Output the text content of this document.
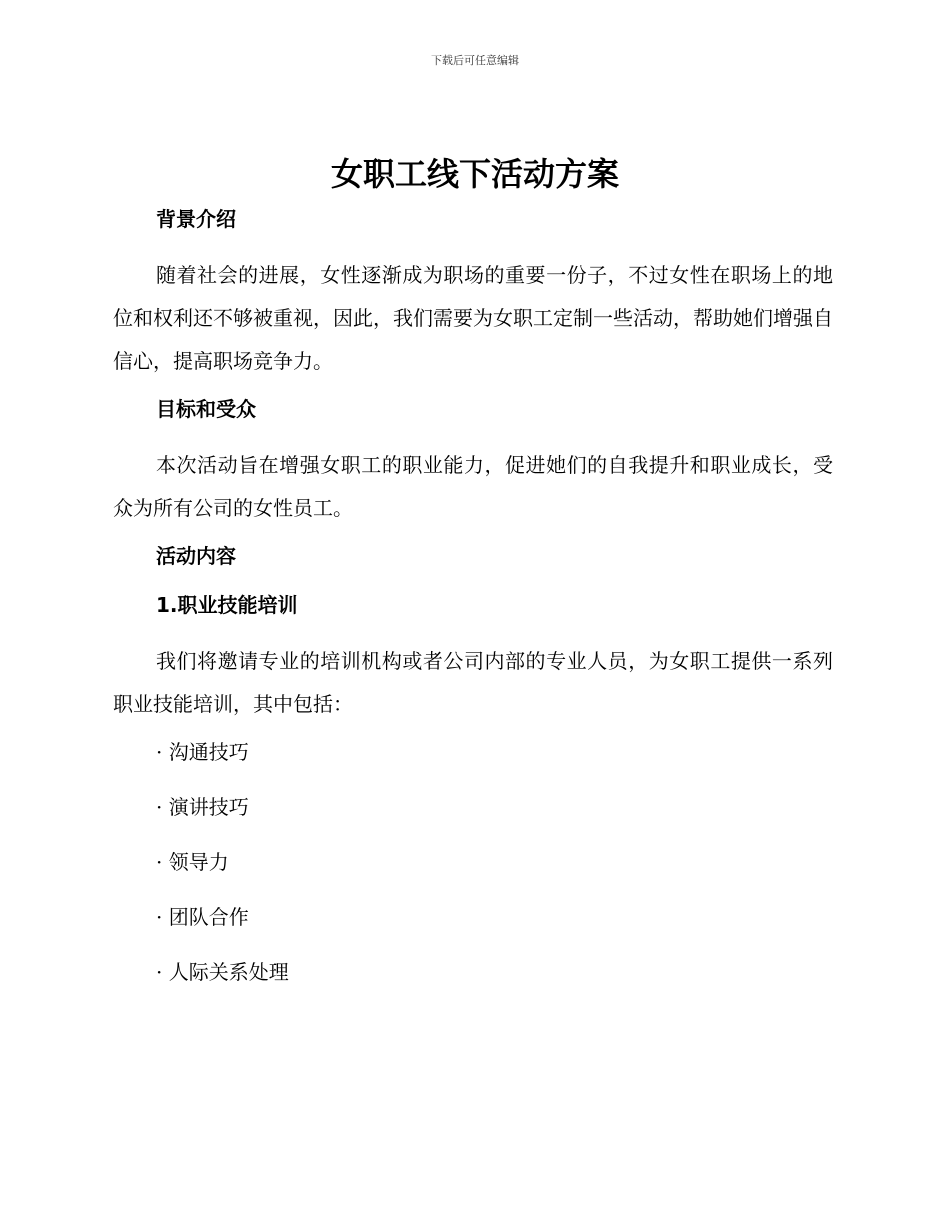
下载后可任意编辑
女职工线下活动方案
背景介绍

随着社会的进展，女性逐渐成为职场的重要一份子，不过女性在职场上的地位和权利还不够被重视，因此，我们需要为女职工定制一些活动，帮助她们增强自信心，提高职场竞争力。

目标和受众

本次活动旨在增强女职工的职业能力，促进她们的自我提升和职业成长，受众为所有公司的女性员工。

活动内容
1.职业技能培训

我们将邀请专业的培训机构或者公司内部的专业人员，为女职工提供一系列职业技能培训，其中包括：

· 沟通技巧
· 演讲技巧
· 领导力
· 团队合作
· 人际关系处理
